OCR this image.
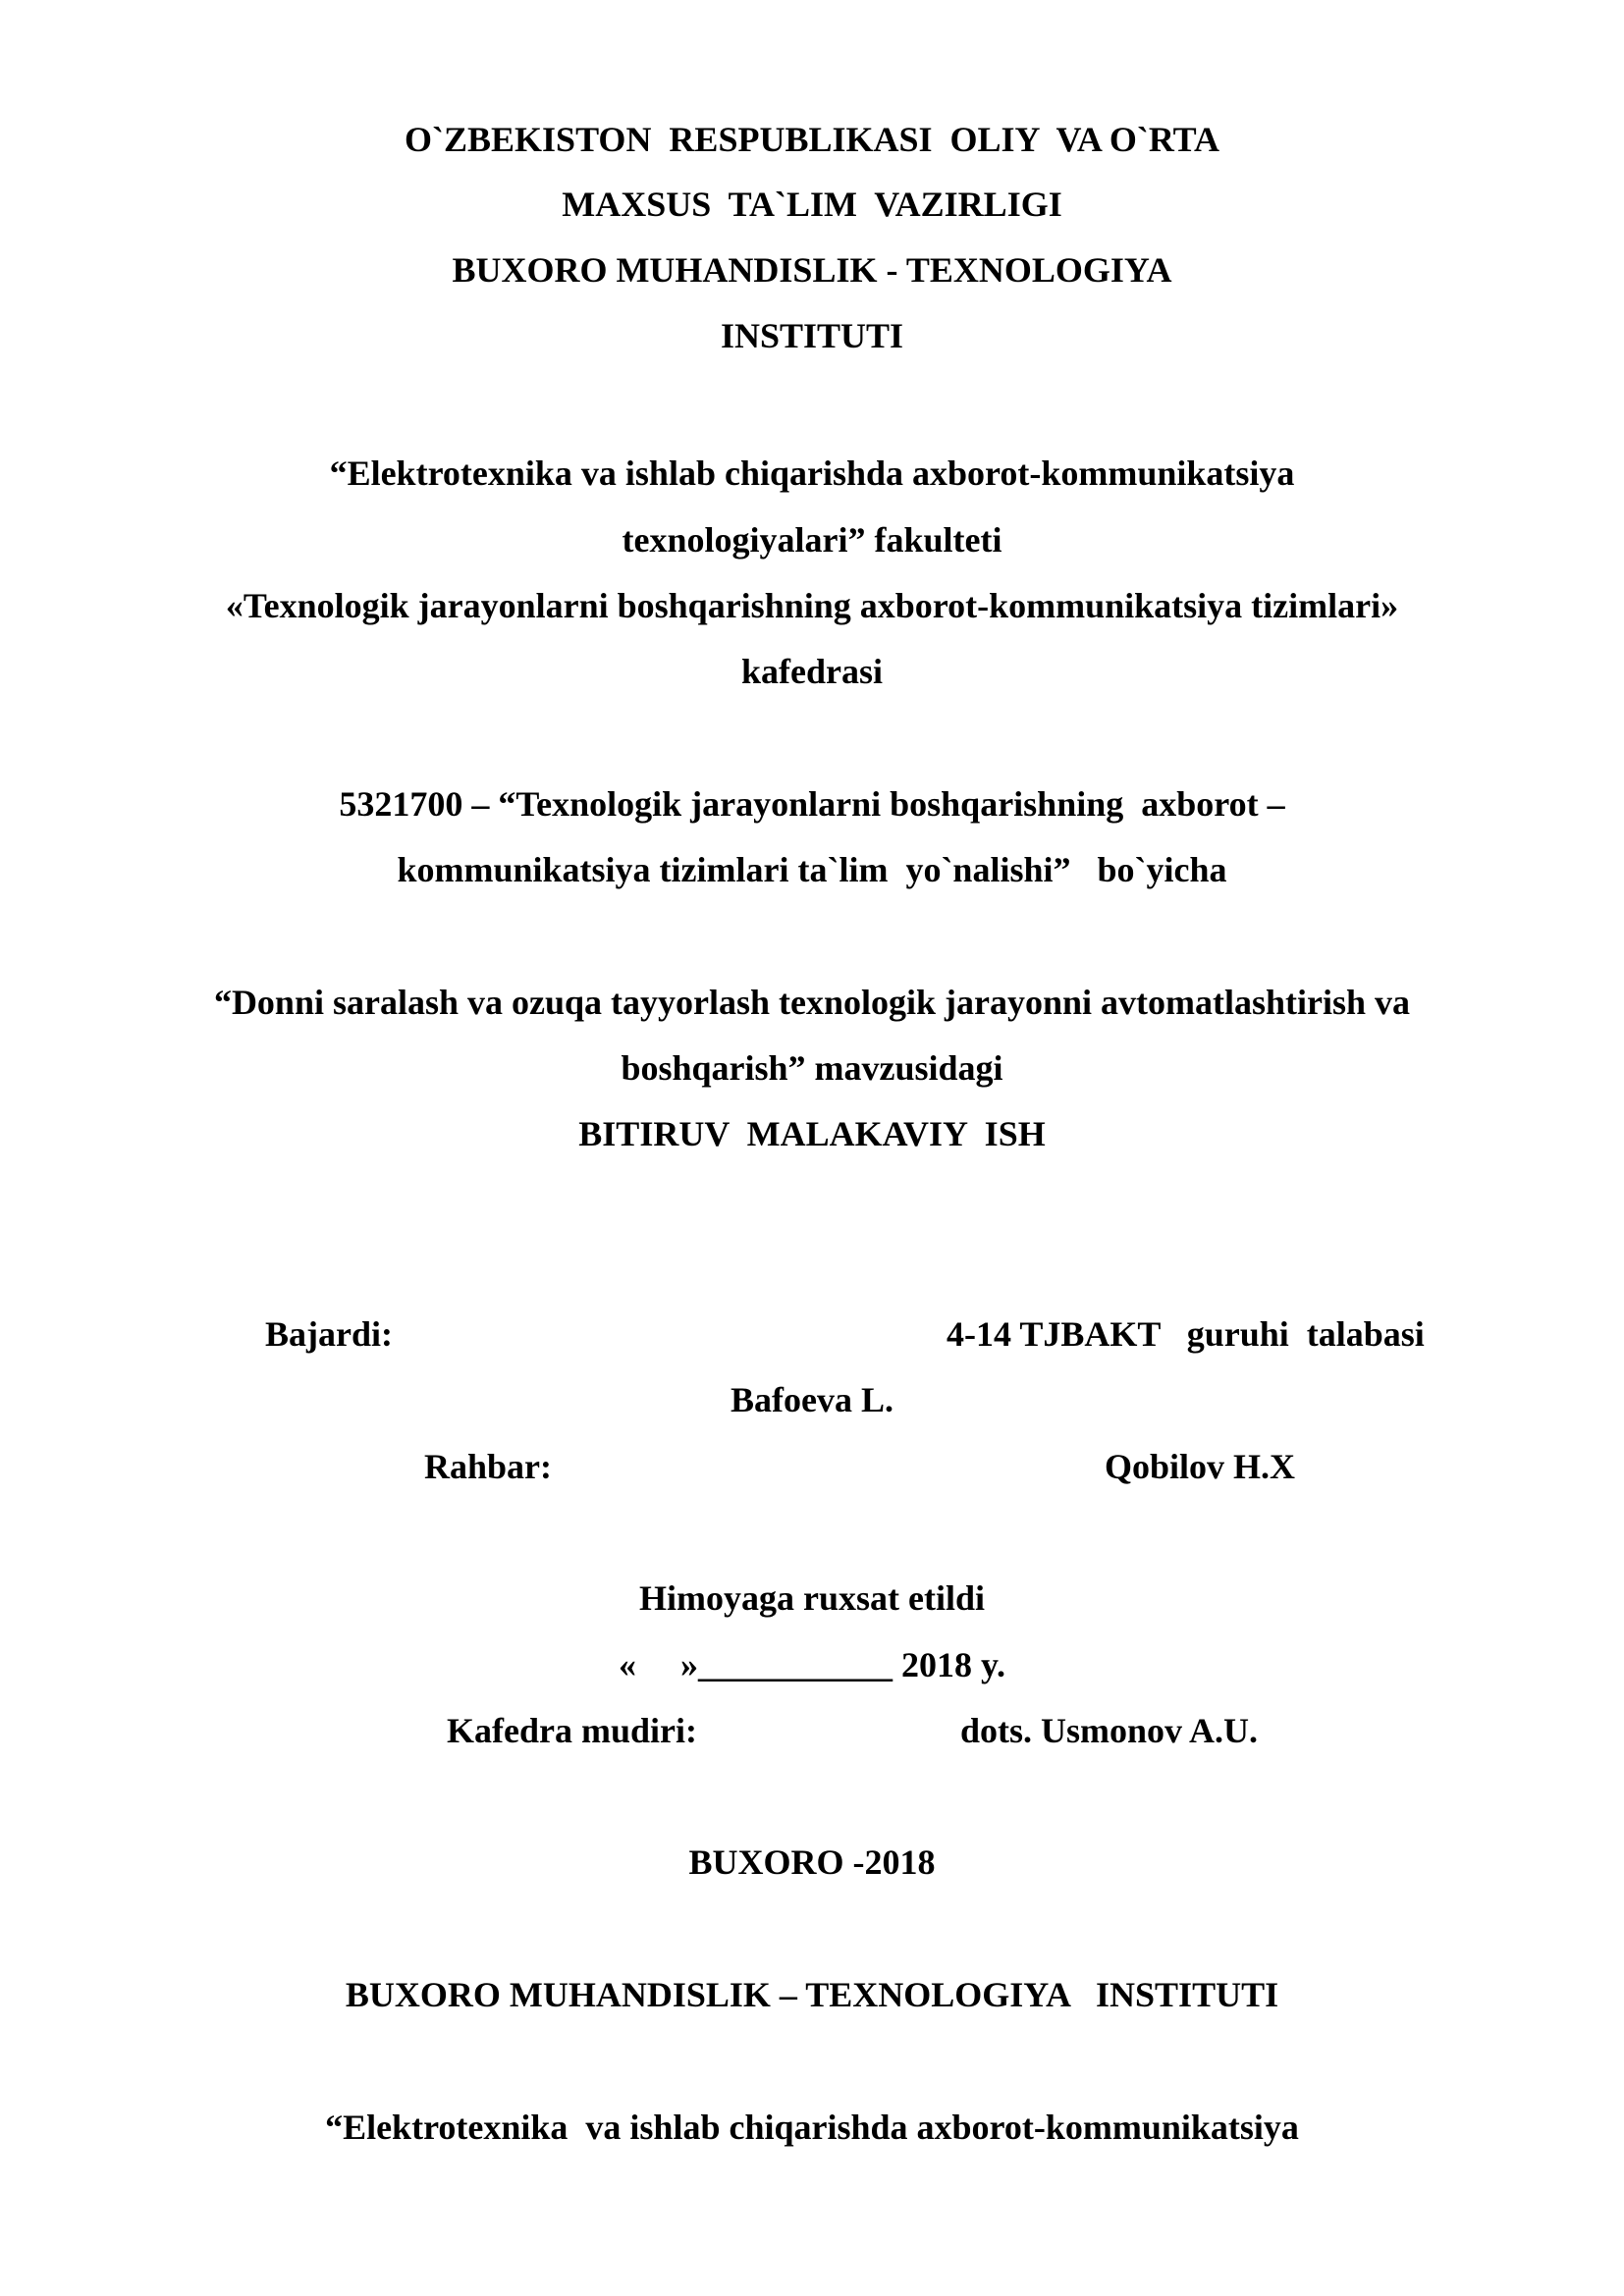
O`ZBEKISTON  RESPUBLIKASI  OLIY  VA O`RTA
MAXSUS  TA`LIM  VAZIRLIGI
BUXORO MUHANDISLIK - TEXNOLOGIYA
INSTITUTI
“Elektrotexnika va ishlab chiqarishda axborot-kommunikatsiya
texnologiyalari” fakulteti
«Texnologik jarayonlarni boshqarishning axborot-kommunikatsiya tizimlari»
kafedrasi
5321700 – “Texnologik jarayonlarni boshqarishning  axborot –
kommunikatsiya tizimlari ta`lim  yo`nalishi”   bo`yicha
“Donni saralash va ozuqa tayyorlash texnologik jarayonni avtomatlashtirish va
boshqarish” mavzusidagi
BITIRUV  MALAKAVIY  ISH
Bajardi:	4-14 TJBAKT   guruhi  talabasi
Bafoeva L.
Rahbar:	Qobilov H.X
Himoyaga ruxsat etildi
«     »___________ 2018 y.
Kafedra mudiri:	dots. Usmonov A.U.
BUXORO -2018
BUXORO MUHANDISLIK – TEXNOLOGIYA   INSTITUTI
“Elektrotexnika  va ishlab chiqarishda axborot-kommunikatsiya
